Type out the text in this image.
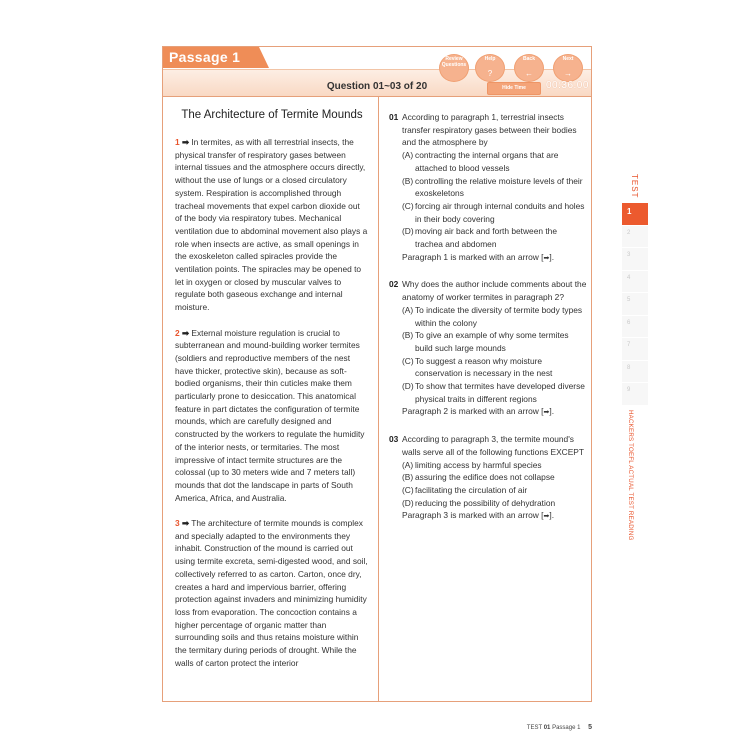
Passage 1	Review Questions
Help
?
Back
←
Next
→
Question 01~03 of 20	Hide Time	00:36:00
The Architecture of Termite Mounds

1 ➡ In termites, as with all terrestrial insects, the physical transfer of respiratory gases between internal tissues and the atmosphere occurs directly, without the use of lungs or a closed circulatory system. Respiration is accomplished through tracheal movements that expel carbon dioxide out of the body via respiratory tubes. Mechanical ventilation due to abdominal movement also plays a role when insects are active, as small openings in the exoskeleton called spiracles provide the ventilation points. The spiracles may be opened to let in oxygen or closed by muscular valves to regulate both gaseous exchange and internal moisture.

2 ➡ External moisture regulation is crucial to subterranean and mound-building worker termites (soldiers and reproductive members of the nest have thicker, protective skin), because as soft-bodied organisms, their thin cuticles make them particularly prone to desiccation. This anatomical feature in part dictates the configuration of termite mounds, which are carefully designed and constructed by the workers to regulate the humidity of the interior nests, or termitaries. The most impressive of intact termite structures are the colossal (up to 30 meters wide and 7 meters tall) mounds that dot the landscape in parts of South America, Africa, and Australia.

3 ➡ The architecture of termite mounds is complex and specially adapted to the environments they inhabit. Construction of the mound is carried out using termite excreta, semi-digested wood, and soil, collectively referred to as carton. Carton, once dry, creates a hard and impervious barrier, offering protection against invaders and minimizing humidity loss from evaporation. The concoction contains a higher percentage of organic matter than surrounding soils and thus retains moisture within the termitary during periods of drought. While the walls of carton protect the interior

01 According to paragraph 1, terrestrial insects transfer respiratory gases between their bodies and the atmosphere by
(A) contracting the internal organs that are attached to blood vessels
(B) controlling the relative moisture levels of their exoskeletons
(C) forcing air through internal conduits and holes in their body covering
(D) moving air back and forth between the trachea and abdomen
Paragraph 1 is marked with an arrow [➡].
02 Why does the author include comments about the anatomy of worker termites in paragraph 2?
(A) To indicate the diversity of termite body types within the colony
(B) To give an example of why some termites build such large mounds
(C) To suggest a reason why moisture conservation is necessary in the nest
(D) To show that termites have developed diverse physical traits in different regions
Paragraph 2 is marked with an arrow [➡].
03 According to paragraph 3, the termite mound's walls serve all of the following functions EXCEPT
(A) limiting access by harmful species
(B) assuring the edifice does not collapse
(C) facilitating the circulation of air
(D) reducing the possibility of dehydration
Paragraph 3 is marked with an arrow [➡].
TEST
1
2
3
4
5
6
7
8
9
HACKERS TOEFL ACTUAL TEST READING
TEST 01 Passage 1 5
